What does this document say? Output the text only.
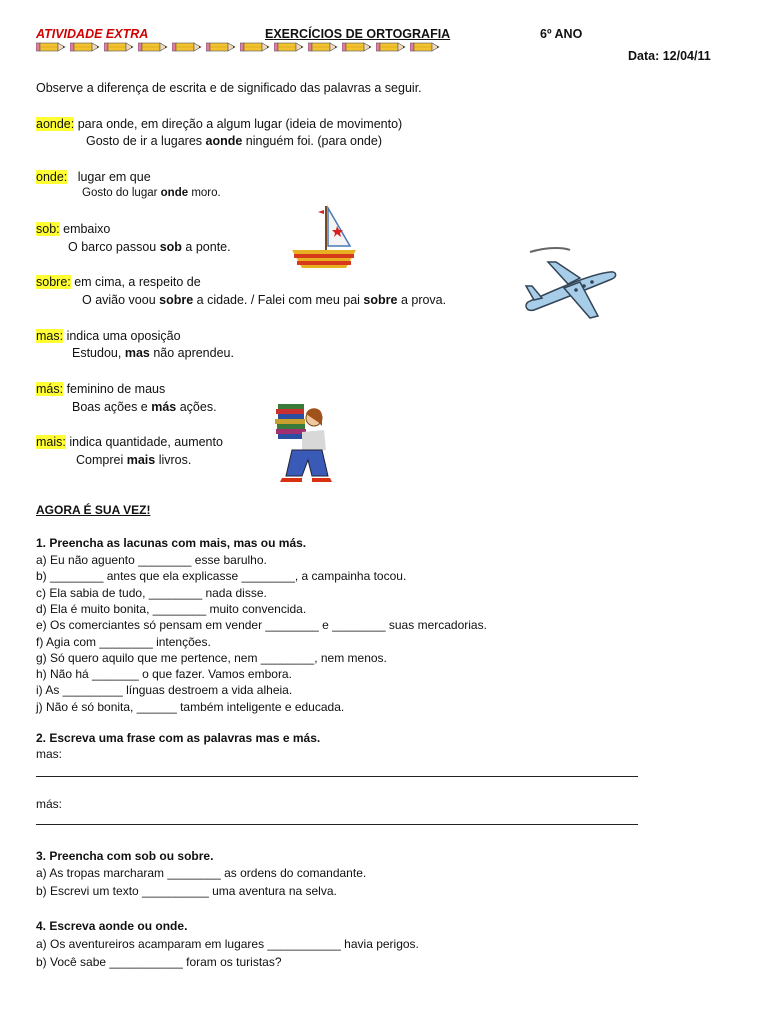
ATIVIDADE EXTRA	EXERCÍCIOS DE ORTOGRAFIA	6º ANO
Data: 12/04/11
Observe a diferença de escrita e de significado das palavras a seguir.
aonde: para onde, em direção a algum lugar (ideia de movimento)
Gosto de ir a lugares aonde ninguém foi. (para onde)
onde:   lugar em que
Gosto do lugar onde moro.
sob: embaixo
O barco passou sob a ponte.
sobre: em cima, a respeito de
O avião voou sobre a cidade. / Falei com meu pai sobre a prova.
mas: indica uma oposição
Estudou, mas não aprendeu.
más: feminino de maus
Boas ações e más ações.
mais: indica quantidade, aumento
Comprei mais livros.
AGORA É SUA VEZ!
1. Preencha as lacunas com mais, mas ou más.
a) Eu não aguento ________ esse barulho.
b) ________ antes que ela explicasse ________, a campainha tocou.
c) Ela sabia de tudo, ________ nada disse.
d) Ela é muito bonita, ________ muito convencida.
e) Os comerciantes só pensam em vender ________ e ________ suas mercadorias.
f) Agia com ________ intenções.
g) Só quero aquilo que me pertence, nem ________, nem menos.
h) Não há _______ o que fazer. Vamos embora.
i) As _________ línguas destroem a vida alheia.
j) Não é só bonita, ______ também inteligente e educada.
2. Escreva uma frase com as palavras mas e más.
mas:
más:
3. Preencha com sob ou sobre.
a) As tropas marcharam ________ as ordens do comandante.
b) Escrevi um texto __________ uma aventura na selva.
4. Escreva aonde ou onde.
a) Os aventureiros acamparam em lugares ___________ havia perigos.
b) Você sabe ___________ foram os turistas?
